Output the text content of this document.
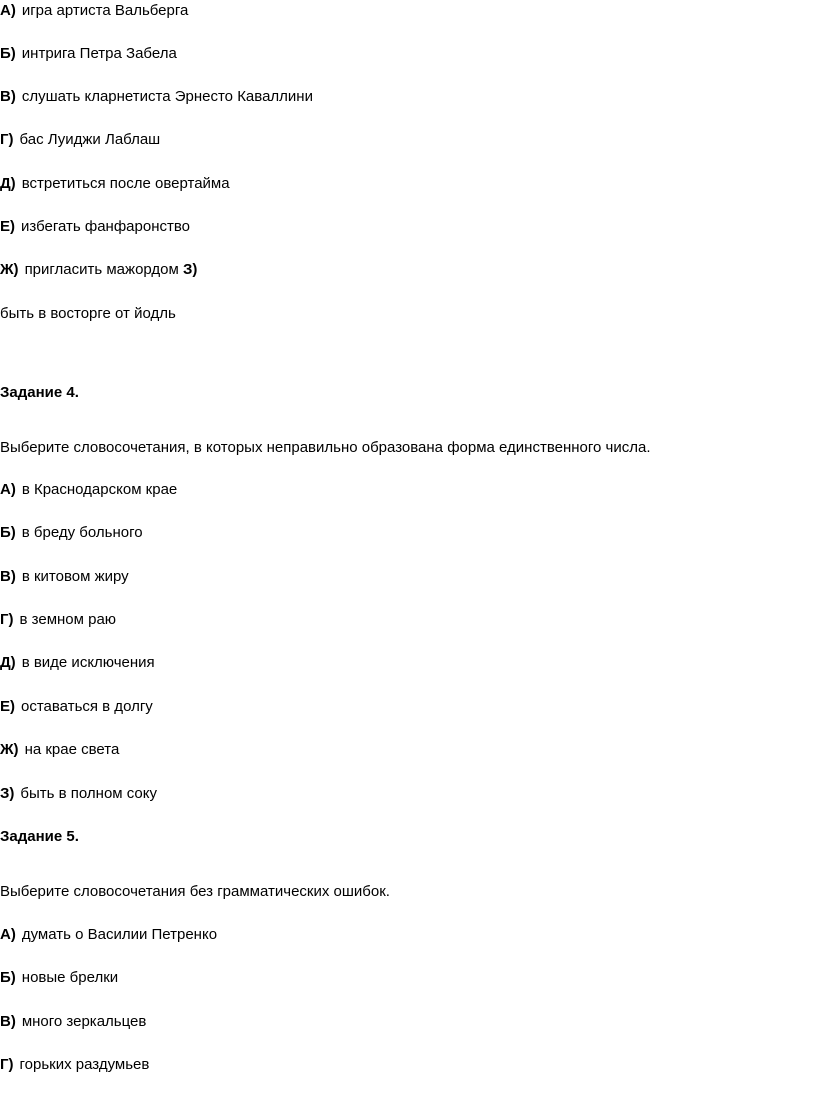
А) игра артиста Вальберга
Б) интрига Петра Забела
В) слушать кларнетиста Эрнесто Каваллини
Г) бас Луиджи Лаблаш
Д) встретиться после овертайма
Е) избегать фанфаронство
Ж) пригласить мажордом З)
быть в восторге от йодль
Задание 4.
Выберите словосочетания, в которых неправильно образована форма единственного числа.
А) в Краснодарском крае
Б) в бреду больного
В) в китовом жиру
Г) в земном раю
Д) в виде исключения
Е) оставаться в долгу
Ж) на крае света
З) быть в полном соку
Задание 5.
Выберите словосочетания без грамматических ошибок.
А) думать о Василии Петренко
Б) новые брелки
В) много зеркальцев
Г) горьких раздумьев
